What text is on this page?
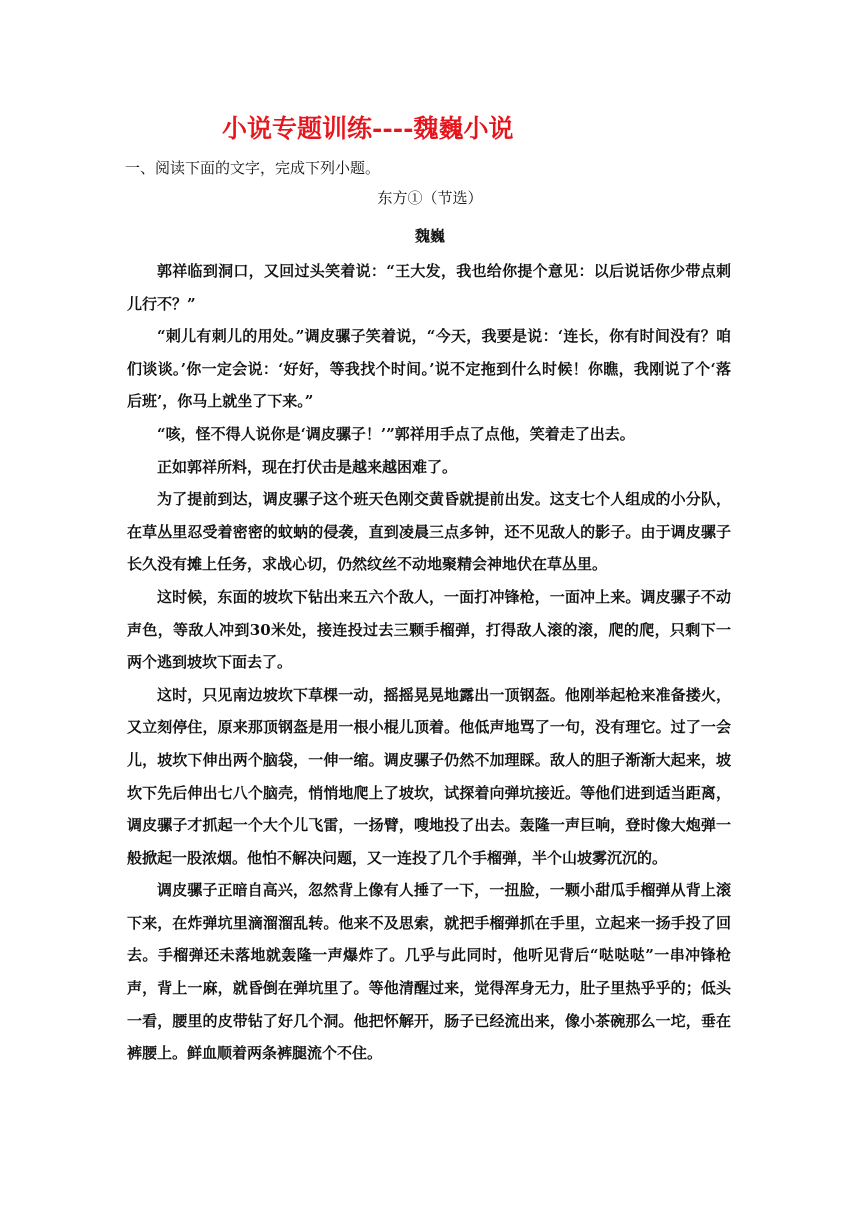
小说专题训练----魏巍小说
一、阅读下面的文字，完成下列小题。
东方①（节选）
魏巍

郭祥临到洞口，又回过头笑着说：“王大发，我也给你提个意见：以后说话你少带点刺儿行不？”

“刺儿有刺儿的用处。”调皮骡子笑着说，“今天，我要是说：‘连长，你有时间没有？咱们谈谈。’你一定会说：‘好好，等我找个时间。’说不定拖到什么时候！你瞧，我刚说了个‘落后班’，你马上就坐了下来。”

“咳，怪不得人说你是‘调皮骡子！’”郭祥用手点了点他，笑着走了出去。

正如郭祥所料，现在打伏击是越来越困难了。

为了提前到达，调皮骡子这个班天色刚交黄昏就提前出发。这支七个人组成的小分队，在草丛里忍受着密密的蚊蚋的侵袭，直到凌晨三点多钟，还不见敌人的影子。由于调皮骡子长久没有摊上任务，求战心切，仍然纹丝不动地聚精会神地伏在草丛里。

这时候，东面的坡坎下钻出来五六个敌人，一面打冲锋枪，一面冲上来。调皮骡子不动声色，等敌人冲到30米处，接连投过去三颗手榴弹，打得敌人滚的滚，爬的爬，只剩下一两个逃到坡坎下面去了。

这时，只见南边坡坎下草棵一动，摇摇晃晃地露出一顶钢盔。他刚举起枪来准备搂火，又立刻停住，原来那顶钢盔是用一根小棍儿顶着。他低声地骂了一句，没有理它。过了一会儿，坡坎下伸出两个脑袋，一伸一缩。调皮骡子仍然不加理睬。敌人的胆子渐渐大起来，坡坎下先后伸出七八个脑壳，悄悄地爬上了坡坎，试探着向弹坑接近。等他们进到适当距离，调皮骡子才抓起一个大个儿飞雷，一扬臂，嗖地投了出去。轰隆一声巨响，登时像大炮弹一般掀起一股浓烟。他怕不解决问题，又一连投了几个手榴弹，半个山坡雾沉沉的。

调皮骡子正暗自高兴，忽然背上像有人捶了一下，一扭脸，一颗小甜瓜手榴弹从背上滚下来，在炸弹坑里滴溜溜乱转。他来不及思索，就把手榴弹抓在手里，立起来一扬手投了回去。手榴弹还未落地就轰隆一声爆炸了。几乎与此同时，他听见背后“哒哒哒”一串冲锋枪声，背上一麻，就昏倒在弹坑里了。等他清醒过来，觉得浑身无力，肚子里热乎乎的；低头一看，腰里的皮带钻了好几个洞。他把怀解开，肠子已经流出来，像小茶碗那么一坨，垂在裤腰上。鲜血顺着两条裤腿流个不住。
